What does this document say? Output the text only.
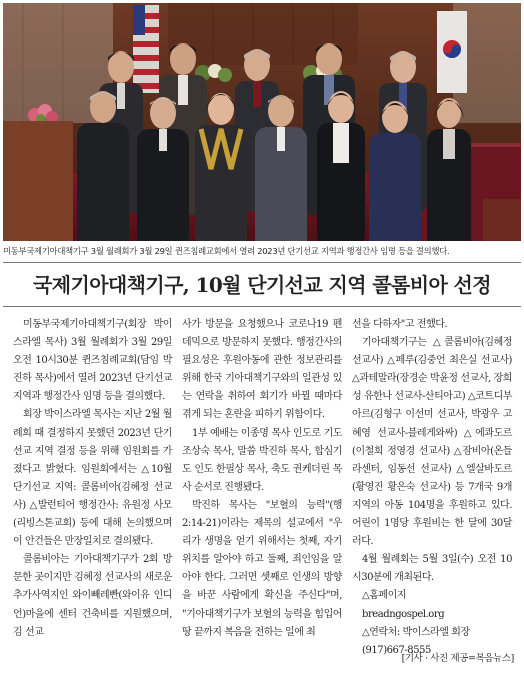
미동부국제기아대책기구 3월 월례회가 3월 29일 퀸즈침례교회에서 열려 2023년 단기선교 지역과 행정간사 임명 등을 결의했다.
국제기아대책기구, 10월 단기선교 지역 콜롬비아 선정

미동부국제기아대책기구(회장 박이스라엘 목사) 3월 월례회가 3월 29일 오전 10시30분 퀸즈침례교회(담임 박진하 목사)에서 열려 2023년 단기선교 지역과 행정간사 임명 등을 결의했다.

회장 박이스라엘 목사는 지난 2월 월례회 때 결정하지 못했던 2023년 단기선교 지역 결정 등을 위해 임원회를 가졌다고 밝혔다. 임원회에서는 △10월 단기선교 지역: 콜롬비아(김혜정 선교사) △발런티어 행정간사: 유원정 사모(리빙스톤교회) 등에 대해 논의했으며 이 안건들은 만장일치로 결의됐다.

콜롬비아는 기아대책기구가 2회 방문한 곳이지만 김혜정 선교사의 새로운 추가사역지인 와이빼레빤(와이유 인디언)마을에 센터 건축비를 지원했으며, 김 선교

사가 방문을 요청했으나 코로나19 펜데믹으로 방문하지 못했다. 행정간사의 필요성은 후원아동에 관한 정보관리를 위해 한국 기아대책기구와의 일관성 있는 연락을 취하여 회기가 바뀔 때마다 겪게 되는 혼란을 피하기 위함이다.

1부 예배는 이종명 목사 인도로 기도 조상숙 목사, 말씀 박진하 목사, 합심기도 인도 한필상 목사, 축도 권케더린 목사 순서로 진행됐다.

박진하 목사는 "보혈의 능력"(행2:14-21)이라는 제목의 설교에서 "우리가 생명을 얻기 위해서는 첫째, 자기 위치를 알아야 하고 둘째, 죄인임을 알아야 한다. 그러면 셋째로 인생의 방향을 바꾼 사람에게 확신을 주신다"며, "기아대책기구가 보혈의 능력을 힘입어 땅 끝까지 복음을 전하는 일에 최

선을 다하자"고 전했다.

기아대책기구는 △콜롬비아(김혜정 선교사) △페루(김중언 최은실 선교사) △과테말라(장경순 박윤정 선교사, 장희성 유한나 선교사-산티아고) △코트디부아르(김형구 이선미 선교사, 박광우 고혜영 선교사-블레게와싸) △에콰도르(이철희 정영경 선교사) △잠비아(온들라센터, 임동선 선교사) △엘살바도르(황영진 황은숙 선교사) 등 7개국 9개 지역의 아동 104명을 후원하고 있다. 어린이 1명당 후원비는 한 달에 30달러다.

4월 월례회는 5월 3일(수) 오전 10시30분에 개최된다.

△홈페이지

breadngospel.org

△연락처: 박이스라엘 회장

(917)667-8555

[기사 · 사진 제공=복음뉴스]
